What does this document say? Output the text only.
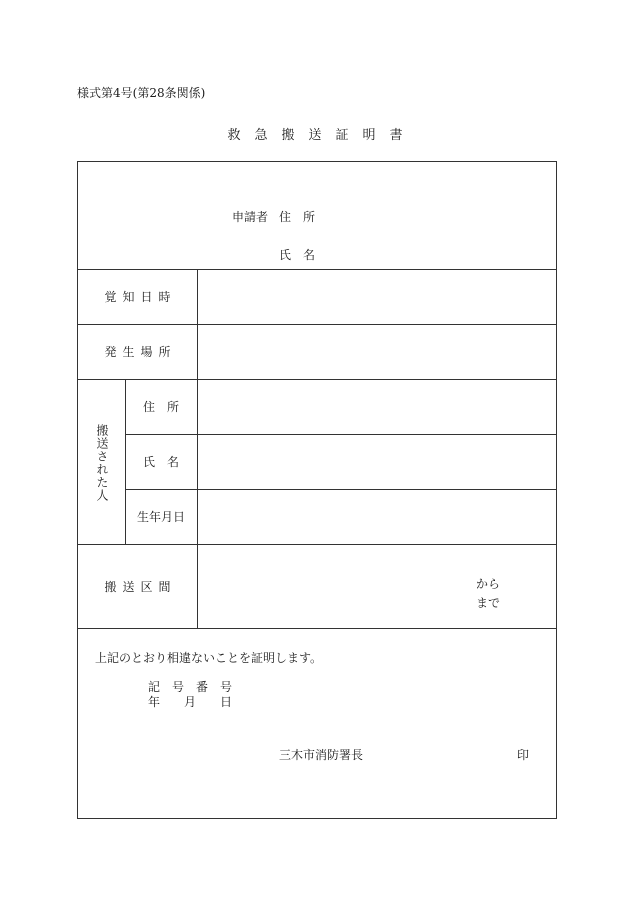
様式第4号(第28条関係)
救急搬送証明書
申請者 住　所
氏　名
覚知日時
発生場所
搬送された人
住　所
氏　名
生年月日
搬送区間	から
まで
上記のとおり相違ないことを証明します。
記　号　番　号
年　　月　　日
三木市消防署長	印
